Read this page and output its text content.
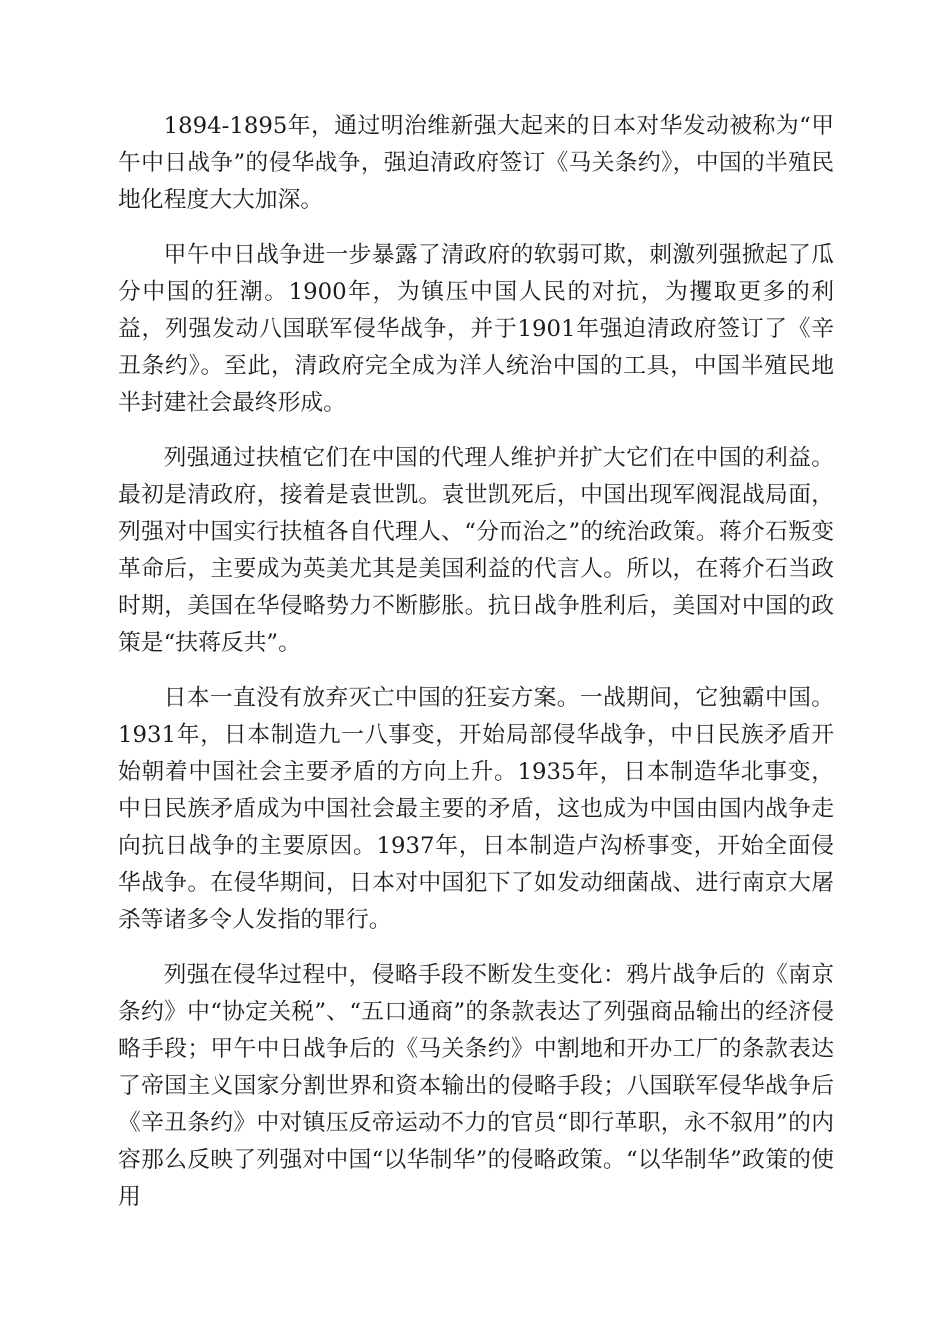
1894-1895年，通过明治维新强大起来的日本对华发动被称为“甲午中日战争”的侵华战争，强迫清政府签订《马关条约》，中国的半殖民地化程度大大加深。

甲午中日战争进一步暴露了清政府的软弱可欺，刺激列强掀起了瓜分中国的狂潮。1900年，为镇压中国人民的对抗，为攫取更多的利益，列强发动八国联军侵华战争，并于1901年强迫清政府签订了《辛丑条约》。至此，清政府完全成为洋人统治中国的工具，中国半殖民地半封建社会最终形成。

列强通过扶植它们在中国的代理人维护并扩大它们在中国的利益。最初是清政府，接着是袁世凯。袁世凯死后，中国出现军阀混战局面，列强对中国实行扶植各自代理人、“分而治之”的统治政策。蒋介石叛变革命后，主要成为英美尤其是美国利益的代言人。所以，在蒋介石当政时期，美国在华侵略势力不断膨胀。抗日战争胜利后，美国对中国的政策是“扶蒋反共”。

日本一直没有放弃灭亡中国的狂妄方案。一战期间，它独霸中国。1931年，日本制造九一八事变，开始局部侵华战争，中日民族矛盾开始朝着中国社会主要矛盾的方向上升。1935年，日本制造华北事变，中日民族矛盾成为中国社会最主要的矛盾，这也成为中国由国内战争走向抗日战争的主要原因。1937年，日本制造卢沟桥事变，开始全面侵华战争。在侵华期间，日本对中国犯下了如发动细菌战、进行南京大屠杀等诸多令人发指的罪行。

列强在侵华过程中，侵略手段不断发生变化：鸦片战争后的《南京条约》中“协定关税”、“五口通商”的条款表达了列强商品输出的经济侵略手段；甲午中日战争后的《马关条约》中割地和开办工厂的条款表达了帝国主义国家分割世界和资本输出的侵略手段；八国联军侵华战争后《辛丑条约》中对镇压反帝运动不力的官员“即行革职，永不叙用”的内容那么反映了列强对中国“以华制华”的侵略政策。“以华制华”政策的使用
